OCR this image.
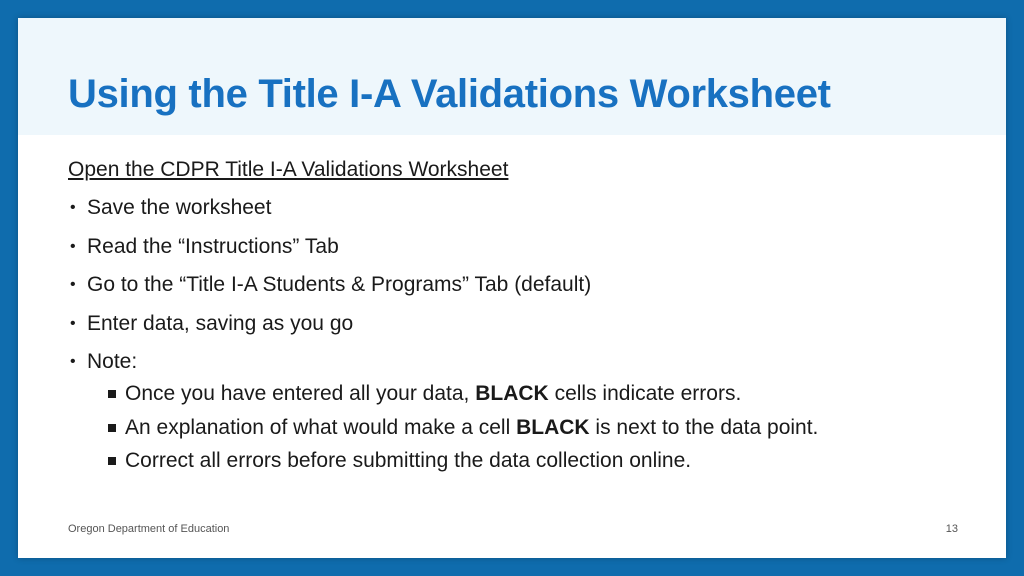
Using the Title I-A Validations Worksheet

Open the CDPR Title I-A Validations Worksheet

• Save the worksheet
• Read the “Instructions” Tab
• Go to the “Title I-A Students & Programs” Tab (default)
• Enter data, saving as you go
• Note:
Once you have entered all your data, BLACK cells indicate errors.
An explanation of what would make a cell BLACK is next to the data point.
Correct all errors before submitting the data collection online.
Oregon Department of Education	13
